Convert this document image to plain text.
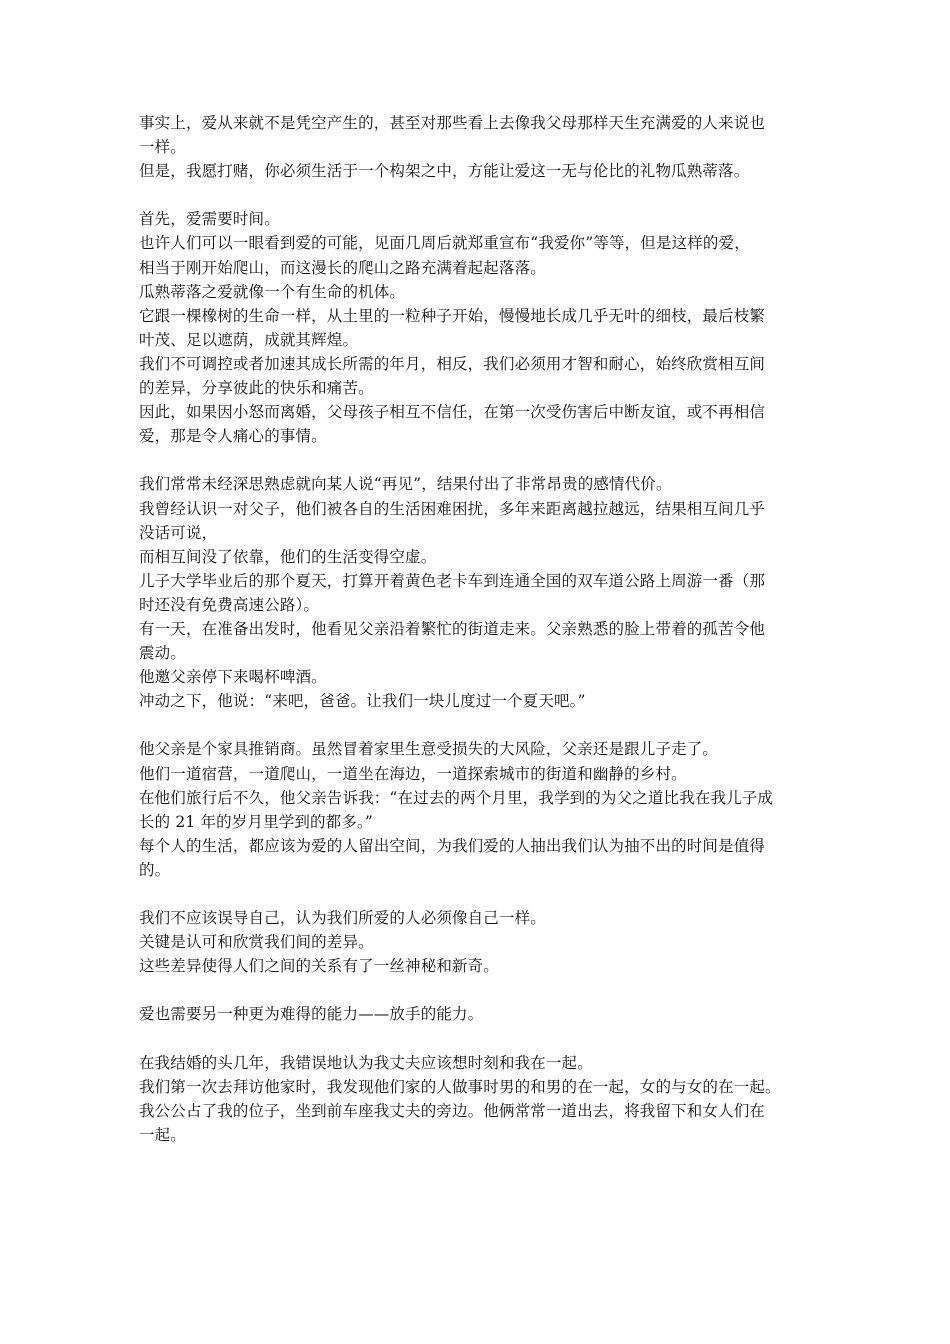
事实上，爱从来就不是凭空产生的，甚至对那些看上去像我父母那样天生充满爱的人来说也
一样。
但是，我愿打赌，你必须生活于一个构架之中，方能让爱这一无与伦比的礼物瓜熟蒂落。
首先，爱需要时间。
也许人们可以一眼看到爱的可能，见面几周后就郑重宣布“我爱你”等等，但是这样的爱，
相当于刚开始爬山，而这漫长的爬山之路充满着起起落落。
瓜熟蒂落之爱就像一个有生命的机体。
它跟一棵橡树的生命一样，从土里的一粒种子开始，慢慢地长成几乎无叶的细枝，最后枝繁
叶茂、足以遮荫，成就其辉煌。
我们不可调控或者加速其成长所需的年月，相反，我们必须用才智和耐心，始终欣赏相互间
的差异，分享彼此的快乐和痛苦。
因此，如果因小怒而离婚，父母孩子相互不信任，在第一次受伤害后中断友谊，或不再相信
爱，那是令人痛心的事情。
我们常常未经深思熟虑就向某人说“再见”，结果付出了非常昂贵的感情代价。
我曾经认识一对父子，他们被各自的生活困难困扰，多年来距离越拉越远，结果相互间几乎
没话可说，
而相互间没了依靠，他们的生活变得空虚。
儿子大学毕业后的那个夏天，打算开着黄色老卡车到连通全国的双车道公路上周游一番（那
时还没有免费高速公路）。
有一天，在准备出发时，他看见父亲沿着繁忙的街道走来。父亲熟悉的脸上带着的孤苦令他
震动。
他邀父亲停下来喝杯啤酒。
冲动之下，他说：“来吧，爸爸。让我们一块儿度过一个夏天吧。”
他父亲是个家具推销商。虽然冒着家里生意受损失的大风险，父亲还是跟儿子走了。
他们一道宿营，一道爬山，一道坐在海边，一道探索城市的街道和幽静的乡村。
在他们旅行后不久，他父亲告诉我：“在过去的两个月里，我学到的为父之道比我在我儿子成
长的 21 年的岁月里学到的都多。”
每个人的生活，都应该为爱的人留出空间，为我们爱的人抽出我们认为抽不出的时间是值得
的。
我们不应该误导自己，认为我们所爱的人必须像自己一样。
关键是认可和欣赏我们间的差异。
这些差异使得人们之间的关系有了一丝神秘和新奇。
爱也需要另一种更为难得的能力——放手的能力。
在我结婚的头几年，我错误地认为我丈夫应该想时刻和我在一起。
我们第一次去拜访他家时，我发现他们家的人做事时男的和男的在一起，女的与女的在一起。
我公公占了我的位子，坐到前车座我丈夫的旁边。他俩常常一道出去，将我留下和女人们在
一起。
